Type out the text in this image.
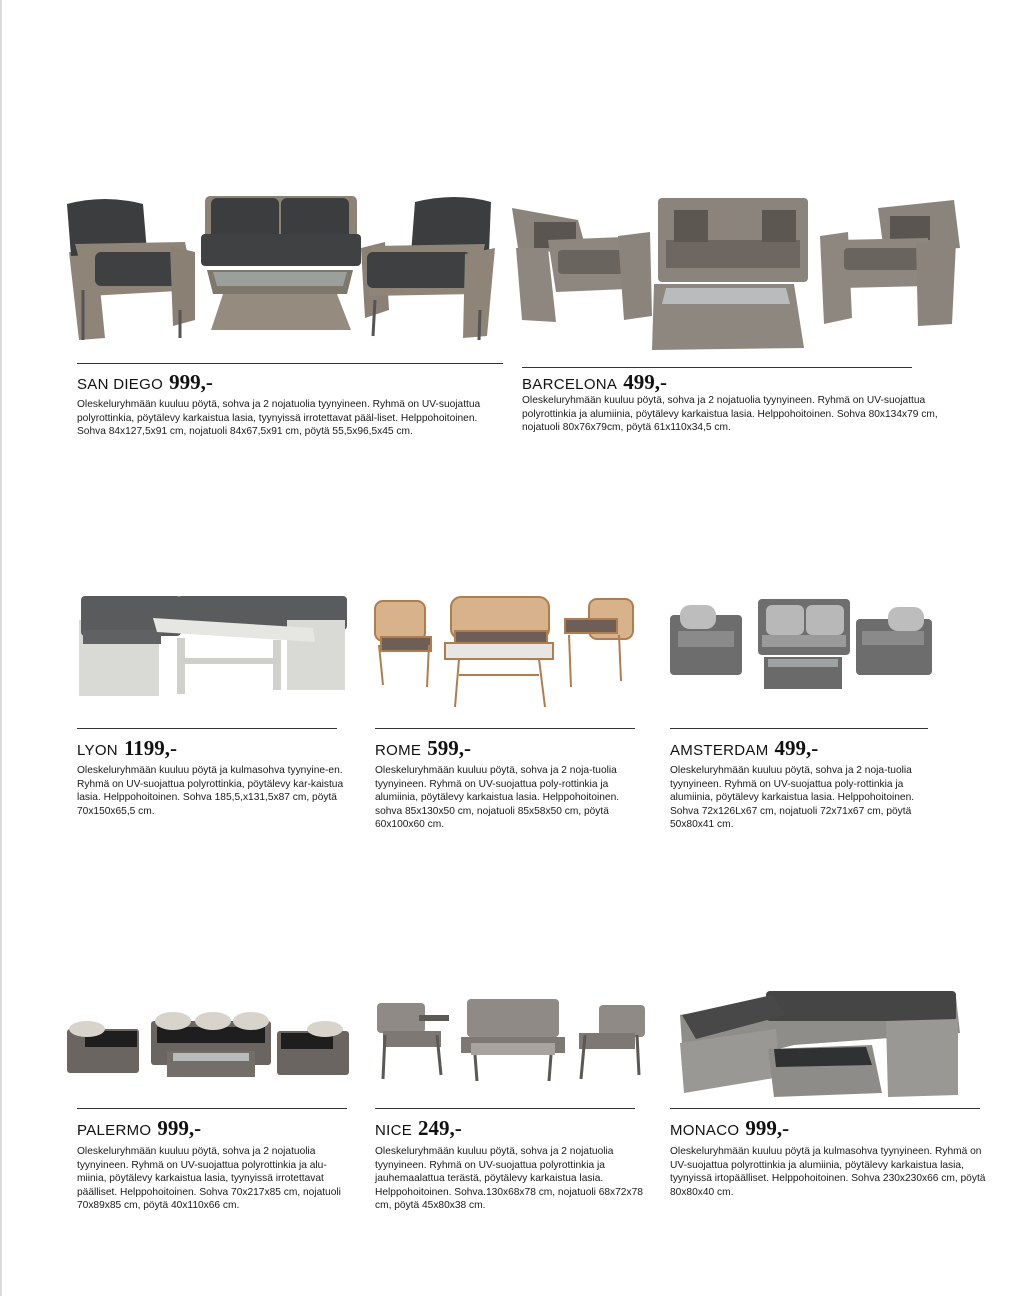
SAN DIEGO 999,-
Oleskeluryhmään kuuluu pöytä, sohva ja 2 nojatuolia tyynyineen. Ryhmä on UV-suojattua polyrottinkia, pöytälevy karkaistua lasia, tyynyissä irrotettavat pääl-liset. Helppohoitoinen. Sohva 84x127,5x91 cm, nojatuoli 84x67,5x91 cm, pöytä 55,5x96,5x45 cm.
BARCELONA 499,-
Oleskeluryhmään kuuluu pöytä, sohva ja 2 nojatuolia tyynyineen. Ryhmä on UV-suojattua polyrottinkia ja alumiinia, pöytälevy karkaistua lasia. Helppohoitoinen. Sohva 80x134x79 cm, nojatuoli 80x76x79cm, pöytä 61x110x34,5 cm.
LYON 1199,-
Oleskeluryhmään kuuluu pöytä ja kulmasohva tyynyine-en. Ryhmä on UV-suojattua polyrottinkia, pöytälevy kar-kaistua lasia. Helppohoitoinen. Sohva 185,5,x131,5x87 cm, pöytä 70x150x65,5 cm.
ROME 599,-
Oleskeluryhmään kuuluu pöytä, sohva ja 2 noja-tuolia tyynyineen. Ryhmä on UV-suojattua poly-rottinkia ja alumiinia, pöytälevy karkaistua lasia. Helppohoitoinen. sohva 85x130x50 cm, nojatuoli 85x58x50 cm, pöytä 60x100x60 cm.
AMSTERDAM 499,-
Oleskeluryhmään kuuluu pöytä, sohva ja 2 noja-tuolia tyynyineen. Ryhmä on UV-suojattua poly-rottinkia ja alumiinia, pöytälevy karkaistua lasia. Helppohoitoinen. Sohva 72x126Lx67 cm, nojatuoli 72x71x67 cm, pöytä 50x80x41 cm.
PALERMO 999,-
Oleskeluryhmään kuuluu pöytä, sohva ja 2 nojatuolia tyynyineen. Ryhmä on UV-suojattua polyrottinkia ja alu-miinia, pöytälevy karkaistua lasia, tyynyissä irrotettavat päälliset. Helppohoitoinen. Sohva 70x217x85 cm, nojatuoli 70x89x85 cm, pöytä 40x110x66 cm.
NICE 249,-
Oleskeluryhmään kuuluu pöytä, sohva ja 2 nojatuolia tyynyineen. Ryhmä on UV-suojattua polyrottinkia ja jauhemaalattua terästä, pöytälevy karkaistua lasia. Helppohoitoinen. Sohva.130x68x78 cm, nojatuoli 68x72x78 cm, pöytä 45x80x38 cm.
MONACO 999,-
Oleskeluryhmään kuuluu pöytä ja kulmasohva tyynyineen. Ryhmä on UV-suojattua polyrottinkia ja alumiinia, pöytälevy karkaistua lasia, tyynyissä irtopäälliset. Helppohoitoinen. Sohva 230x230x66 cm, pöytä 80x80x40 cm.
